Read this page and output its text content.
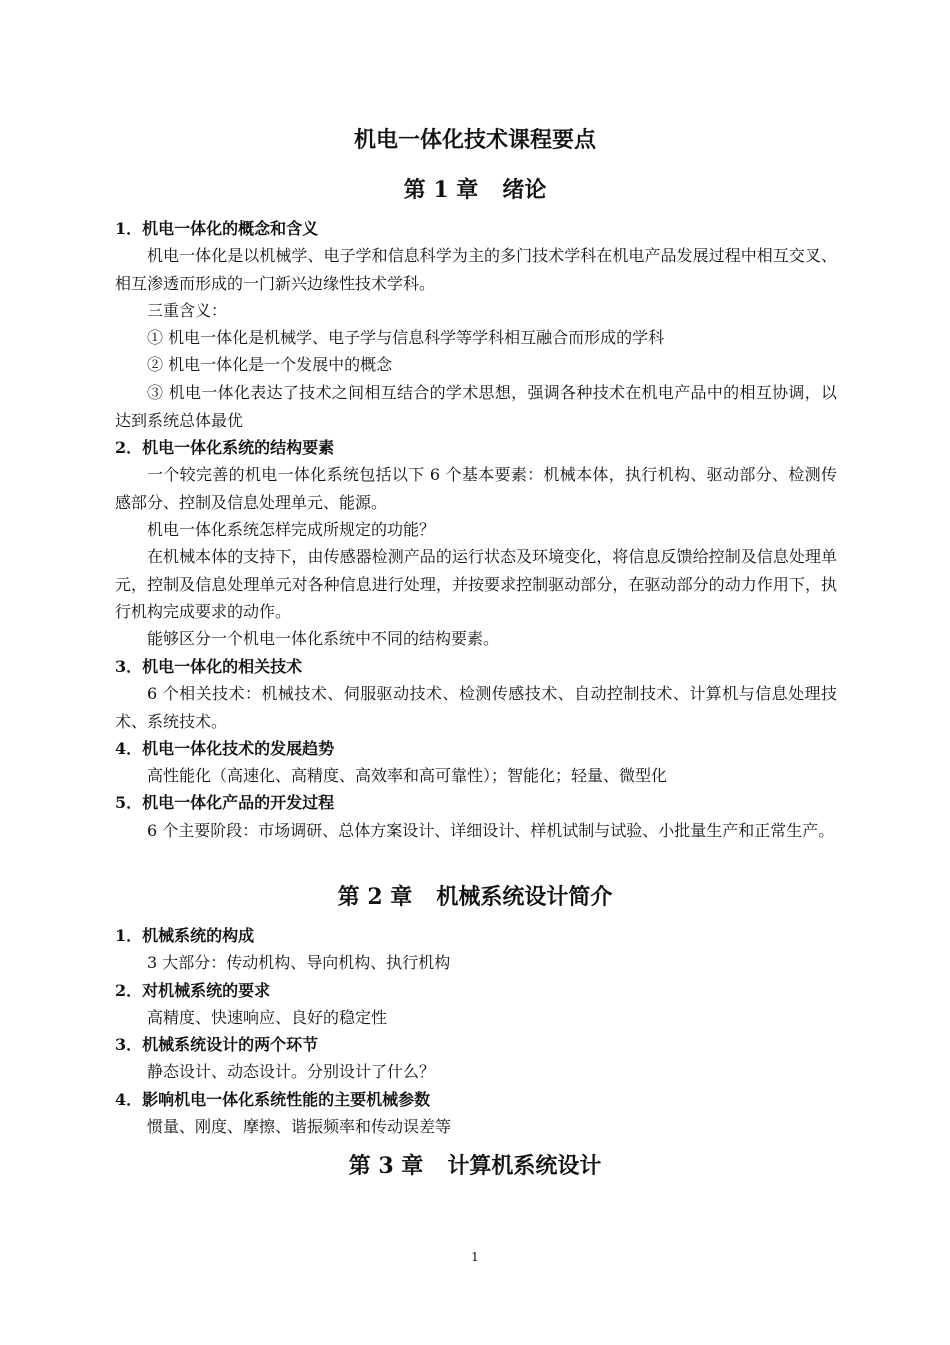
机电一体化技术课程要点
第 1 章 绪论
1．机电一体化的概念和含义
机电一体化是以机械学、电子学和信息科学为主的多门技术学科在机电产品发展过程中相互交叉、相互渗透而形成的一门新兴边缘性技术学科。
三重含义：
① 机电一体化是机械学、电子学与信息科学等学科相互融合而形成的学科
② 机电一体化是一个发展中的概念
③ 机电一体化表达了技术之间相互结合的学术思想，强调各种技术在机电产品中的相互协调，以达到系统总体最优
2．机电一体化系统的结构要素
一个较完善的机电一体化系统包括以下 6 个基本要素：机械本体，执行机构、驱动部分、检测传感部分、控制及信息处理单元、能源。
机电一体化系统怎样完成所规定的功能？
在机械本体的支持下，由传感器检测产品的运行状态及环境变化，将信息反馈给控制及信息处理单元，控制及信息处理单元对各种信息进行处理，并按要求控制驱动部分，在驱动部分的动力作用下，执行机构完成要求的动作。
能够区分一个机电一体化系统中不同的结构要素。
3．机电一体化的相关技术
6 个相关技术：机械技术、伺服驱动技术、检测传感技术、自动控制技术、计算机与信息处理技术、系统技术。
4．机电一体化技术的发展趋势
高性能化（高速化、高精度、高效率和高可靠性）；智能化；轻量、微型化
5．机电一体化产品的开发过程
6 个主要阶段：市场调研、总体方案设计、详细设计、样机试制与试验、小批量生产和正常生产。
第 2 章 机械系统设计简介
1．机械系统的构成
3 大部分：传动机构、导向机构、执行机构
2．对机械系统的要求
高精度、快速响应、良好的稳定性
3．机械系统设计的两个环节
静态设计、动态设计。分别设计了什么？
4．影响机电一体化系统性能的主要机械参数
惯量、刚度、摩擦、谐振频率和传动误差等
第 3 章 计算机系统设计
1
